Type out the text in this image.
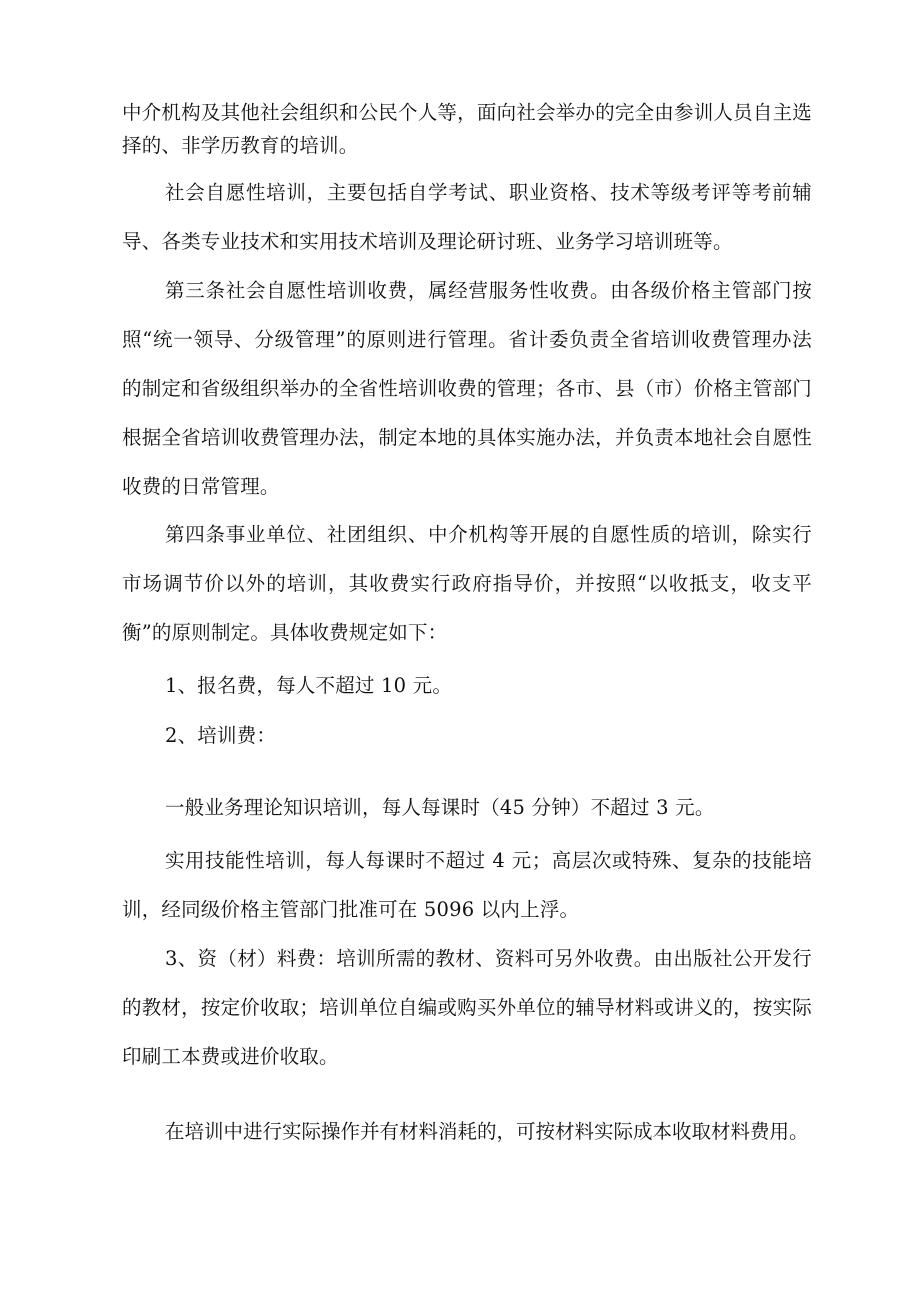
中介机构及其他社会组织和公民个人等，面向社会举办的完全由参训人员自主选择的、非学历教育的培训。

社会自愿性培训，主要包括自学考试、职业资格、技术等级考评等考前辅导、各类专业技术和实用技术培训及理论研讨班、业务学习培训班等。

第三条社会自愿性培训收费，属经营服务性收费。由各级价格主管部门按照“统一领导、分级管理”的原则进行管理。省计委负责全省培训收费管理办法的制定和省级组织举办的全省性培训收费的管理；各市、县（市）价格主管部门根据全省培训收费管理办法，制定本地的具体实施办法，并负责本地社会自愿性收费的日常管理。

第四条事业单位、社团组织、中介机构等开展的自愿性质的培训，除实行市场调节价以外的培训，其收费实行政府指导价，并按照“以收抵支，收支平衡”的原则制定。具体收费规定如下：

1、报名费，每人不超过 10 元。

2、培训费：

一般业务理论知识培训，每人每课时（45 分钟）不超过 3 元。

实用技能性培训，每人每课时不超过 4 元；高层次或特殊、复杂的技能培训，经同级价格主管部门批准可在 5096 以内上浮。

3、资（材）料费：培训所需的教材、资料可另外收费。由出版社公开发行的教材，按定价收取；培训单位自编或购买外单位的辅导材料或讲义的，按实际印刷工本费或进价收取。

在培训中进行实际操作并有材料消耗的，可按材料实际成本收取材料费用。
